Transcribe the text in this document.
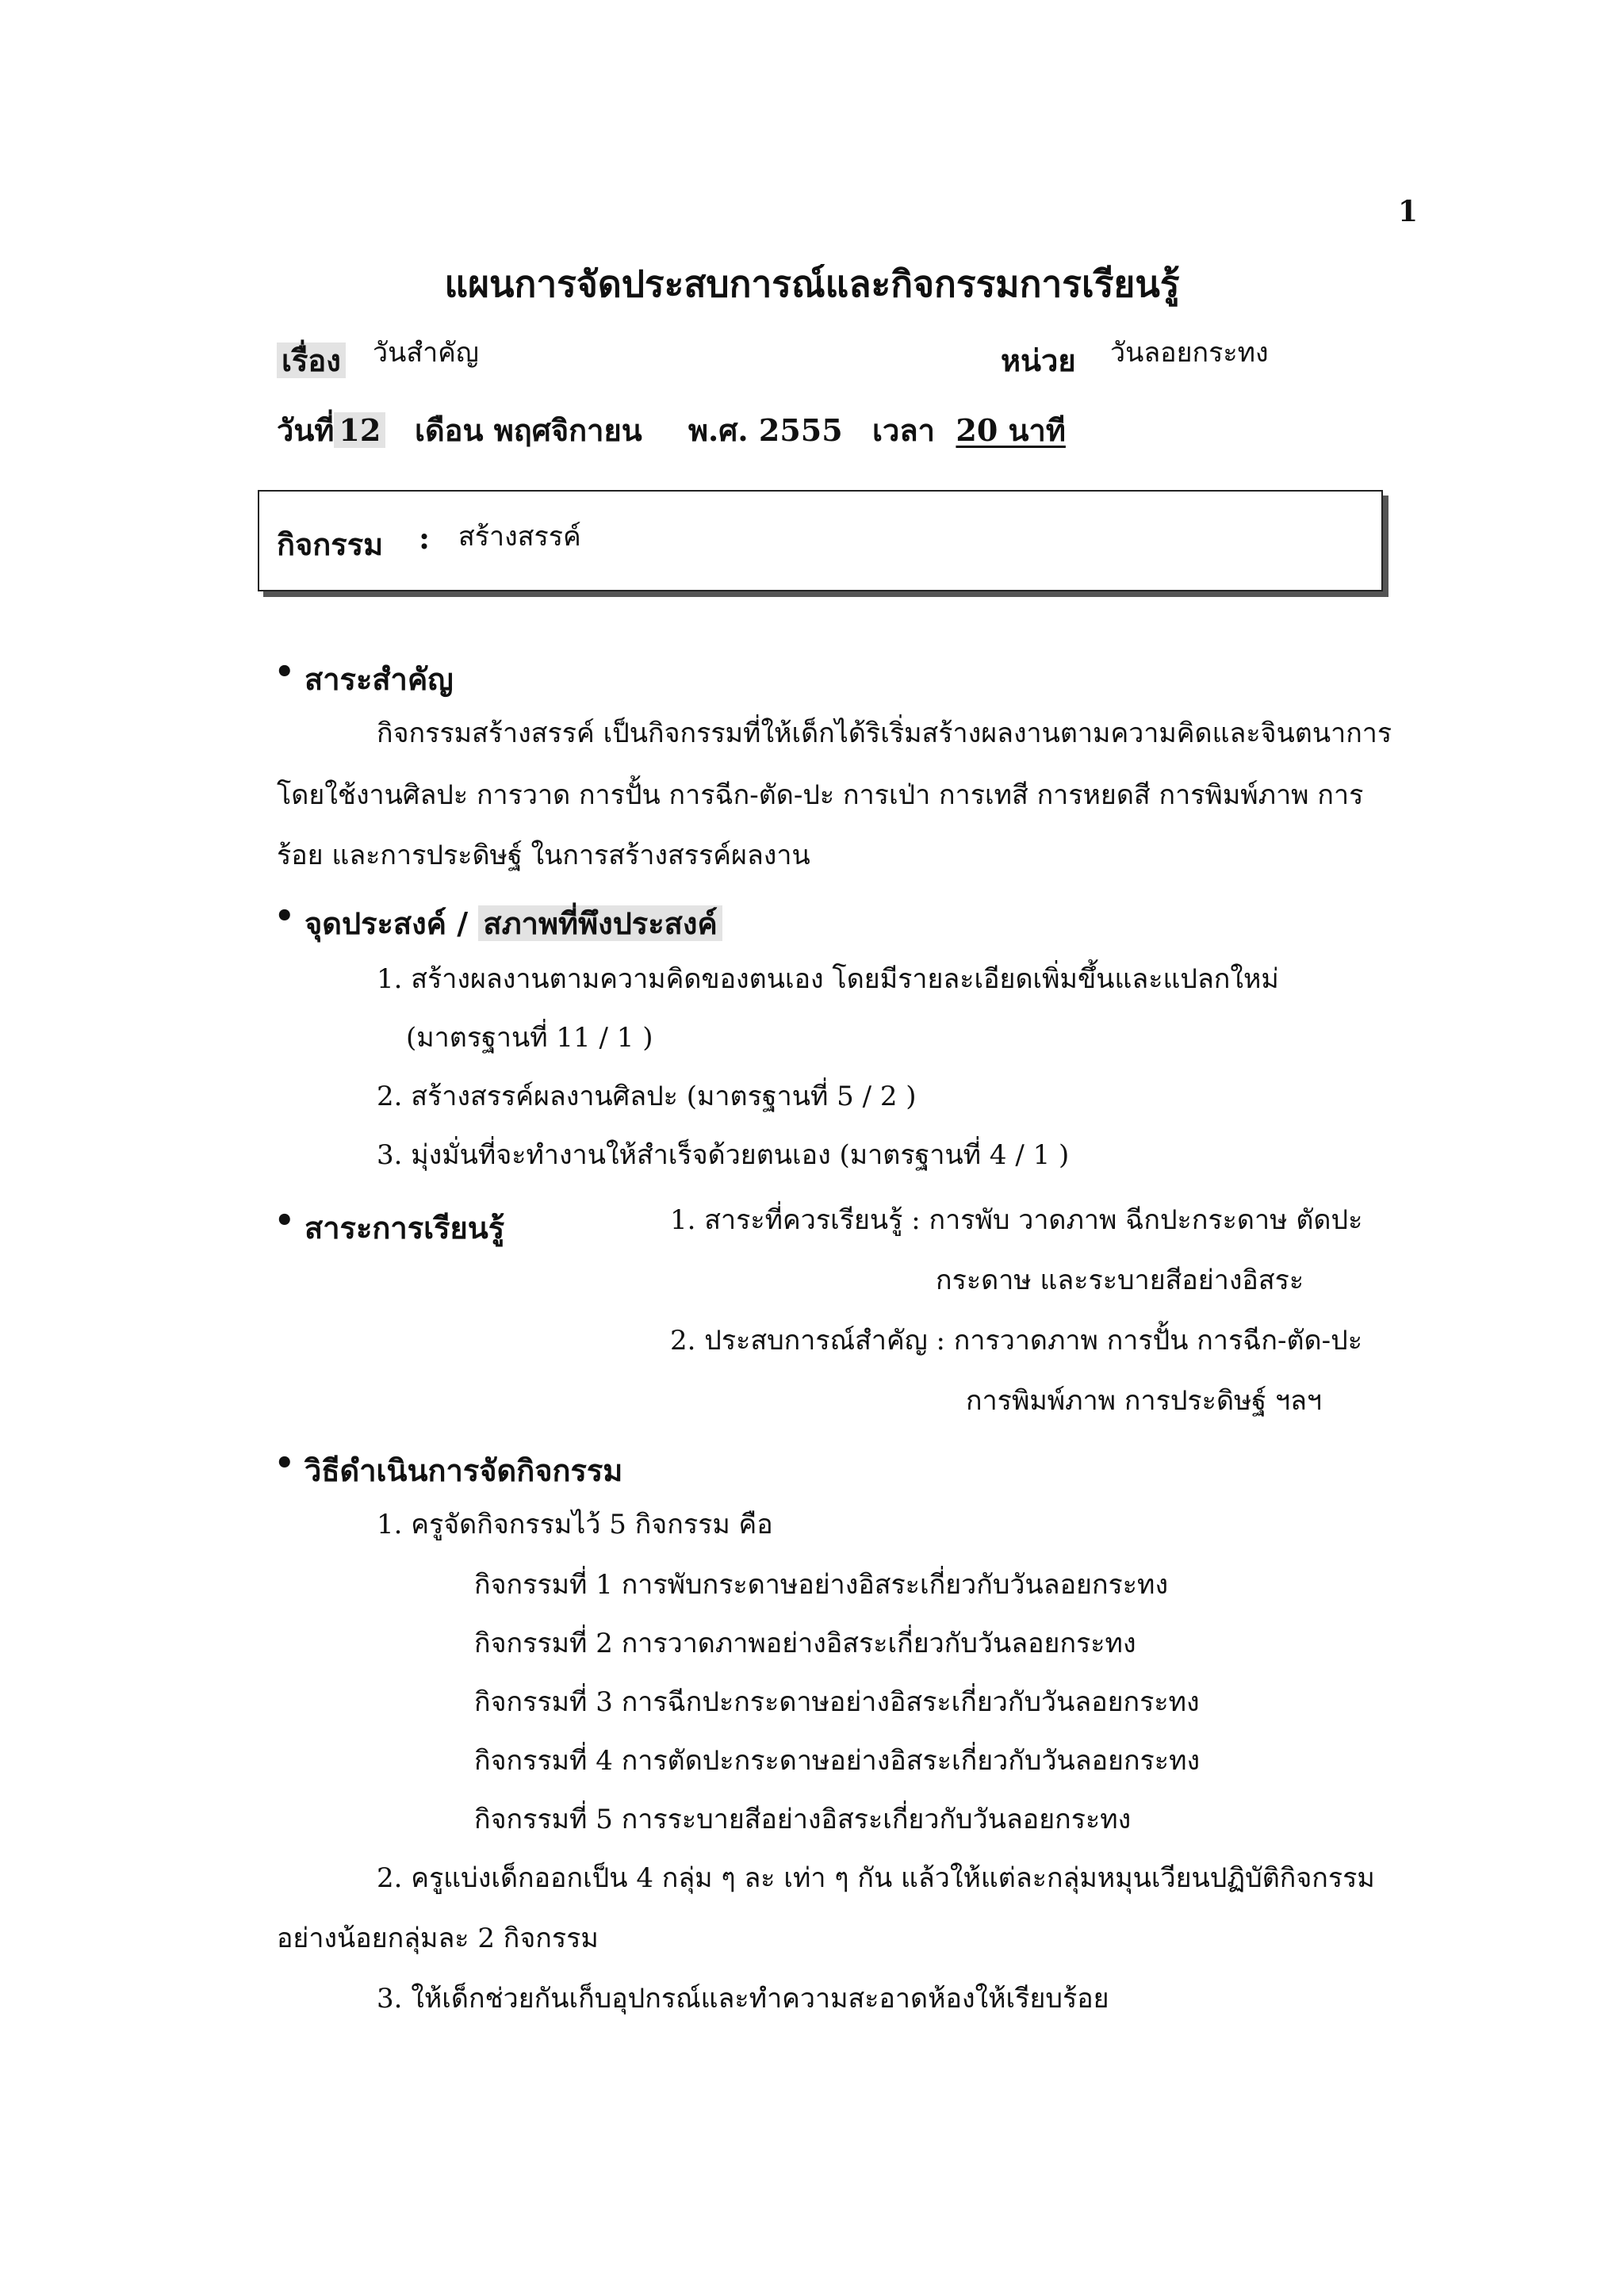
1
แผนการจัดประสบการณ์และกิจกรรมการเรียนรู้
เรื่อง วันสำคัญ	หน่วย วันลอยกระทง
วันที่ 12 เดือน พฤศจิกายน พ.ศ. 2555 เวลา 20 นาที
กิจกรรม : สร้างสรรค์
• สาระสำคัญ
กิจกรรมสร้างสรรค์ เป็นกิจกรรมที่ให้เด็กได้ริเริ่มสร้างผลงานตามความคิดและจินตนาการ
โดยใช้งานศิลปะ การวาด การปั้น การฉีก-ตัด-ปะ การเป่า การเทสี การหยดสี การพิมพ์ภาพ การ
ร้อย และการประดิษฐ์ ในการสร้างสรรค์ผลงาน
• จุดประสงค์ / สภาพที่พึงประสงค์
1. สร้างผลงานตามความคิดของตนเอง โดยมีรายละเอียดเพิ่มขึ้นและแปลกใหม่
(มาตรฐานที่ 11 / 1 )
2. สร้างสรรค์ผลงานศิลปะ (มาตรฐานที่ 5 / 2 )
3. มุ่งมั่นที่จะทำงานให้สำเร็จด้วยตนเอง (มาตรฐานที่ 4 / 1 )
• สาระการเรียนรู้	1. สาระที่ควรเรียนรู้ : การพับ วาดภาพ ฉีกปะกระดาษ ตัดปะ
กระดาษ และระบายสีอย่างอิสระ
2. ประสบการณ์สำคัญ : การวาดภาพ การปั้น การฉีก-ตัด-ปะ
การพิมพ์ภาพ การประดิษฐ์ ฯลฯ
• วิธีดำเนินการจัดกิจกรรม
1. ครูจัดกิจกรรมไว้ 5 กิจกรรม คือ
กิจกรรมที่ 1 การพับกระดาษอย่างอิสระเกี่ยวกับวันลอยกระทง
กิจกรรมที่ 2 การวาดภาพอย่างอิสระเกี่ยวกับวันลอยกระทง
กิจกรรมที่ 3 การฉีกปะกระดาษอย่างอิสระเกี่ยวกับวันลอยกระทง
กิจกรรมที่ 4 การตัดปะกระดาษอย่างอิสระเกี่ยวกับวันลอยกระทง
กิจกรรมที่ 5 การระบายสีอย่างอิสระเกี่ยวกับวันลอยกระทง
2. ครูแบ่งเด็กออกเป็น 4 กลุ่ม ๆ ละ เท่า ๆ กัน แล้วให้แต่ละกลุ่มหมุนเวียนปฏิบัติกิจกรรม
อย่างน้อยกลุ่มละ 2 กิจกรรม
3. ให้เด็กช่วยกันเก็บอุปกรณ์และทำความสะอาดห้องให้เรียบร้อย
